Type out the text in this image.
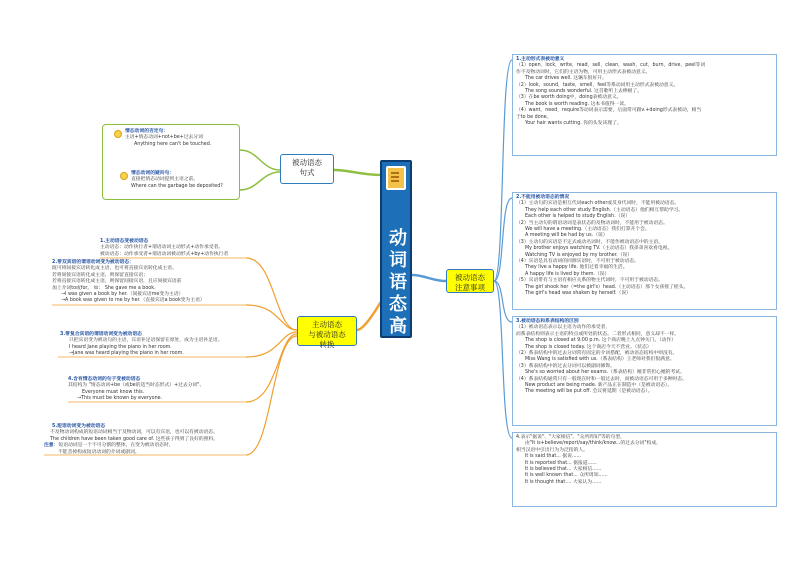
动词语态高频考点
被动语态
句式
被动语态
注意事项
主动语态
与被动语态
转换
情态动词的否定句：
主语+情态动词+not+be+过去分词
Anything here can't be touched.
情态动词的疑问句：
直接把情态动词提到主语之前。
Where can the garbage be deposited?
1.主动语态变被动语态
主动语态：动作执行者+谓语动词主动形式+动作承受者。
被动语态：动作承受者+谓语动词被动形式+by+动作执行者
2.带双宾语的谓语动词变为被动语态：
既可将间接宾语转化成主语，也可将直接宾语转化成主语。
若将间接宾语转化成主语，则保留直接宾语；
若将直接宾语转化成主语，则保留间接宾语，且应间接宾语前
加上介词to或for。 如： She gave me a book.
→I was given a book by her.（间接宾语me变为主语）
→A book was given to me by her.（直接宾语a book变为主语）
3.带复合宾语的谓语动词变为被动语态
只把宾语变为被动句的主语，宾语补足语保留在原处，成为主语补足语。
I heard Jane playing the piano in her room.
→Jane was heard playing the piano in her room.
4.含有情态动词的句子变被动语态
其结构为 "情态动词+be（或be的适当时态形式）+过去分词"。
Everyone must know this.
→This must be known by everyone.
5.短语动词变为被动语态
不及物动词构成的短语动词相当于及物动词，可以有宾语，也可以有被动语态。
The children have been taken good care of. 这些孩子得到了良好的照料。
注意：短语动词是一个不可分割的整体，在变为被动语态时，
不能丢掉构成短语动词的介词或副词。
1.主动形式表被动意义
（1）open，lock，write，read，sell，clean，wash，cut，burn，drive，peel等词
作不及物动词时，它们的主语为物，可用主动形式表被动意义。
The car drives well. 这辆车很好开。
（2）look，sound，taste，smell，feel等系动词用主动形式表被动意义。
The song sounds wonderful. 这首歌听上去棒极了。
（3）在be worth doing中，doing表被动意义。
The book is worth reading. 这本书值得一读。
（4）want，need，require等动词表示需要，后面常可跟v.+doing形式表被动，相当
于to be done。
Your hair wants cutting. 你的头发该理了。
2.不能用被动语态的情况
（1）主动句的宾语是相互代词each other或反身代词时，不能用被动语态。
They help each other study English.（主动语态）他们相互帮助学习。
Each other is helped to study English.（误）
（2）当主动句的谓语动词是表状态的及物动词时，不能用于被动语态。
We will have a meeting.（主动语态）我们打算开个会。
A meeting will be had by us.（误）
（3）主动句的宾语是不定式或动名词时，不能作被动语态中的主语。
My brother enjoys watching TV.（主动语态）我弟弟喜欢看电视。
Watching TV is enjoyed by my brother.（误）
（4）宾语是具有动词的同源宾语时，不可用于被动语态。
They live a happy life. 他们过着幸福的生活。
A happy life is lived by them.（误）
（5）宾语带有与主语有相应关系的物主代词时，不可用于被动语态。
The girl shook her（=the girl's）head.（主动语态）那个女孩摇了摇头。
The girl's head was shaken by herself.（误）
3.被动语态和系表结构的区别
（1）被动语态表示以主语为动作的承受者，
而系表结构则表示主语的特点或所处的状态。二者形式相同，意义却不一样。
The shop is closed at 9:00 p.m. 这个商店晚上九点钟关门。（动作）
The shop is closed today. 这个商店今天不营业。（状态）
（2）系表结构中的过去分词常有固定的介词搭配，被动语态结构中则没有。
Miss Wang is satisfied with us.（系表结构）王老师对我们很满意。
（3）系表结构中的过去分词可以被副词修饰。
She's so worried about her exams.（系表结构）她非常担心她的考试。
（4）系表结构通常只有一般现在时和一般过去时，而被动语态可用于多种时态。
New product are being made. 新产品正在制造中（是被动语态）。
The meeting will be put off. 会议将延期（是被动语态）。
4.表示"据说"、"大家相信"、"众所周知"等的句型，
由"It is+believe/report/say/think/know...的过去分词"构成，
相当汉语中引出行为为泛指的人。
It is said that... 据说......
It is reported that... 据报道......
It is believed that... 大家相信......
It is well known that... 众所周知......
It is thought that.... 大家认为......
